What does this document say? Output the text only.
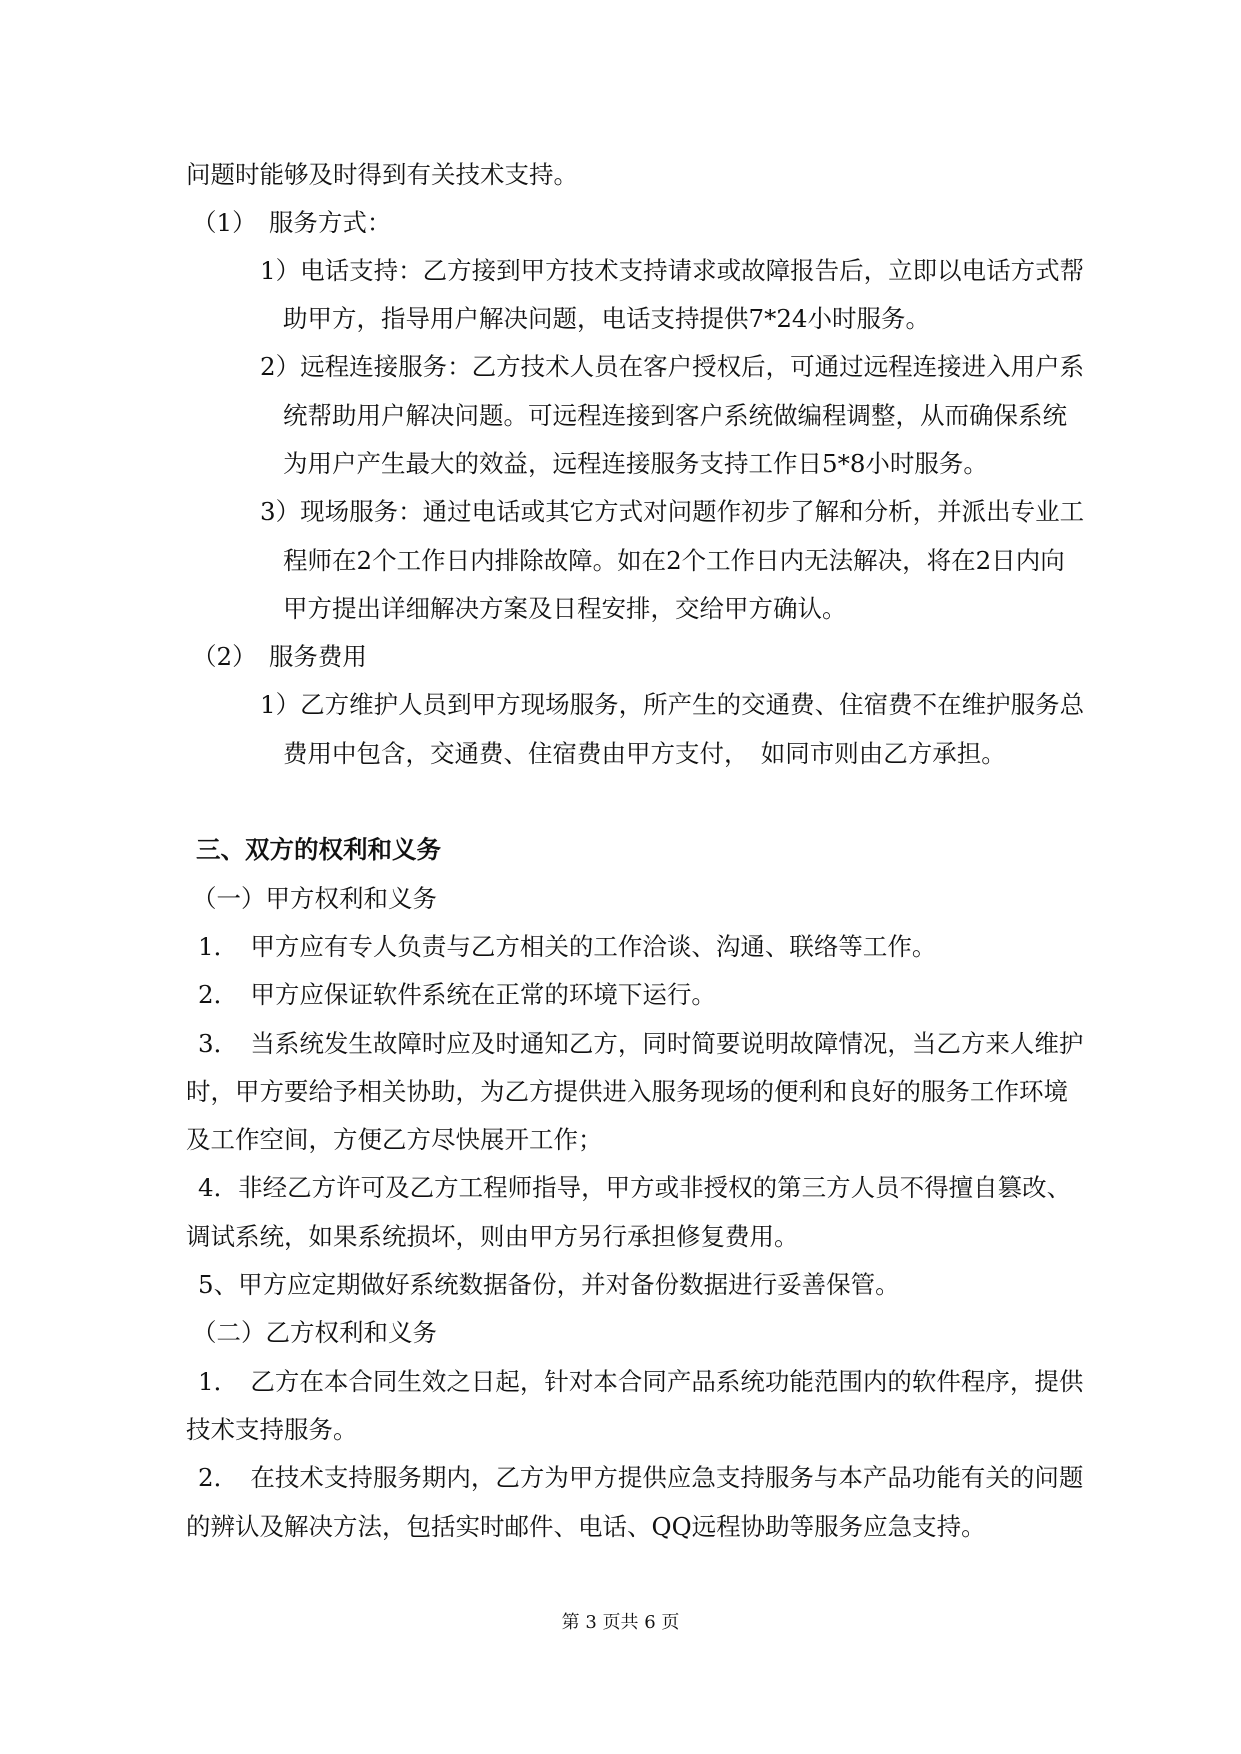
问题时能够及时得到有关技术支持。
（1）　服务方式：
1）电话支持：乙方接到甲方技术支持请求或故障报告后，立即以电话方式帮
助甲方，指导用户解决问题，电话支持提供7*24小时服务。
2）远程连接服务：乙方技术人员在客户授权后，可通过远程连接进入用户系
统帮助用户解决问题。可远程连接到客户系统做编程调整，从而确保系统
为用户产生最大的效益，远程连接服务支持工作日5*8小时服务。
3）现场服务：通过电话或其它方式对问题作初步了解和分析，并派出专业工
程师在2个工作日内排除故障。如在2个工作日内无法解决，将在2日内向
甲方提出详细解决方案及日程安排，交给甲方确认。
（2）　服务费用
1）乙方维护人员到甲方现场服务，所产生的交通费、住宿费不在维护服务总
费用中包含，交通费、住宿费由甲方支付，　如同市则由乙方承担。
三、双方的权利和义务
（一）甲方权利和义务
1．　甲方应有专人负责与乙方相关的工作洽谈、沟通、联络等工作。
2．　甲方应保证软件系统在正常的环境下运行。
3．　当系统发生故障时应及时通知乙方，同时简要说明故障情况，当乙方来人维护
时，甲方要给予相关协助，为乙方提供进入服务现场的便利和良好的服务工作环境
及工作空间，方便乙方尽快展开工作；
4．非经乙方许可及乙方工程师指导，甲方或非授权的第三方人员不得擅自篡改、
调试系统，如果系统损坏，则由甲方另行承担修复费用。
5、甲方应定期做好系统数据备份，并对备份数据进行妥善保管。
（二）乙方权利和义务
1．　乙方在本合同生效之日起，针对本合同产品系统功能范围内的软件程序，提供
技术支持服务。
2．　在技术支持服务期内，乙方为甲方提供应急支持服务与本产品功能有关的问题
的辨认及解决方法，包括实时邮件、电话、QQ远程协助等服务应急支持。
第 3 页共 6 页
